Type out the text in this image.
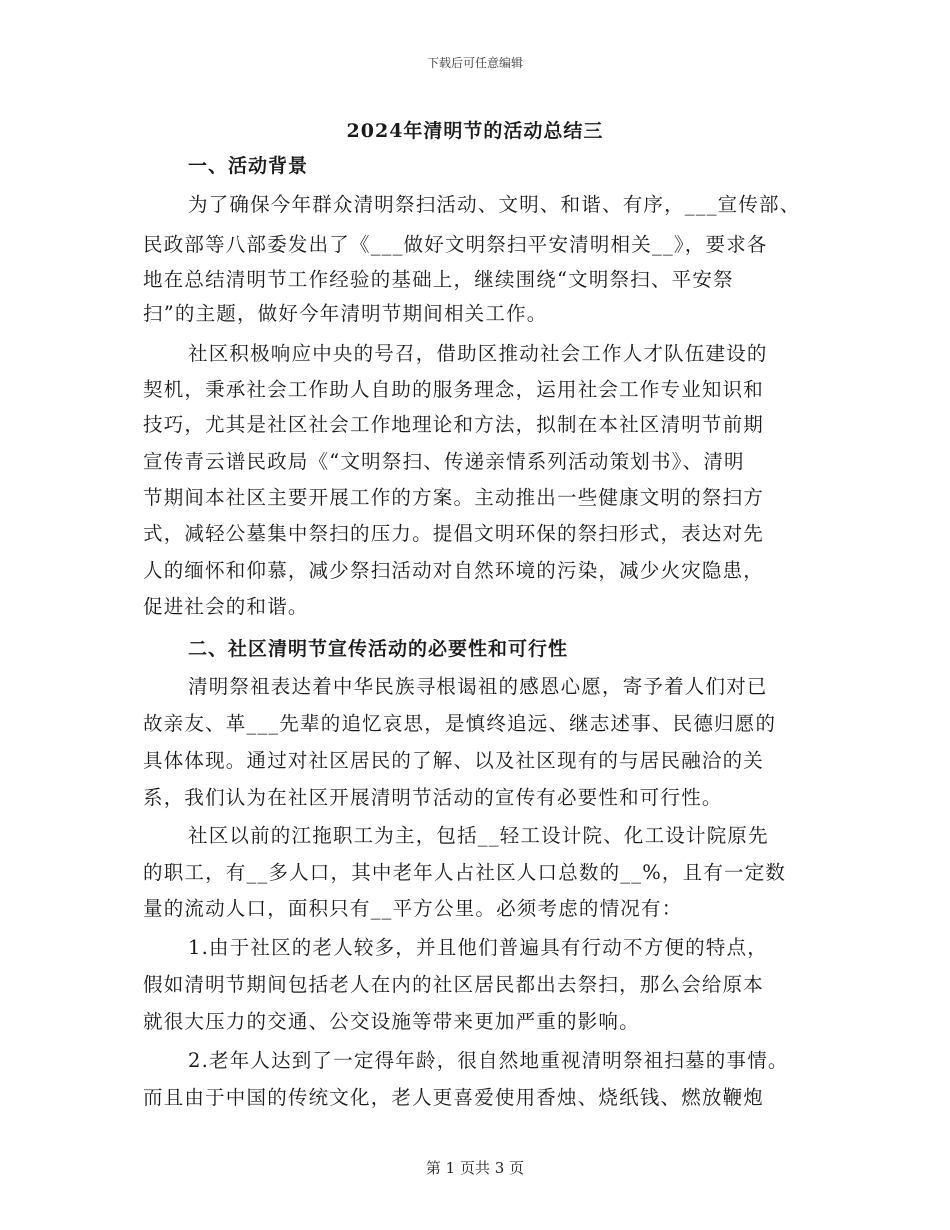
下载后可任意编辑
2024年清明节的活动总结三
一、活动背景
为了确保今年群众清明祭扫活动、文明、和谐、有序，___宣传部、
民政部等八部委发出了《___做好文明祭扫平安清明相关__》，要求各
地在总结清明节工作经验的基础上，继续围绕“文明祭扫、平安祭
扫”的主题，做好今年清明节期间相关工作。
社区积极响应中央的号召，借助区推动社会工作人才队伍建设的
契机，秉承社会工作助人自助的服务理念，运用社会工作专业知识和
技巧，尤其是社区社会工作地理论和方法，拟制在本社区清明节前期
宣传青云谱民政局《“文明祭扫、传递亲情系列活动策划书》、清明
节期间本社区主要开展工作的方案。主动推出一些健康文明的祭扫方
式，减轻公墓集中祭扫的压力。提倡文明环保的祭扫形式，表达对先
人的缅怀和仰慕，减少祭扫活动对自然环境的污染，减少火灾隐患，
促进社会的和谐。
二、社区清明节宣传活动的必要性和可行性
清明祭祖表达着中华民族寻根谒祖的感恩心愿，寄予着人们对已
故亲友、革___先辈的追忆哀思，是慎终追远、继志述事、民德归愿的
具体体现。通过对社区居民的了解、以及社区现有的与居民融洽的关
系，我们认为在社区开展清明节活动的宣传有必要性和可行性。
社区以前的江拖职工为主，包括__轻工设计院、化工设计院原先
的职工，有__多人口，其中老年人占社区人口总数的__%，且有一定数
量的流动人口，面积只有__平方公里。必须考虑的情况有：
1.由于社区的老人较多，并且他们普遍具有行动不方便的特点，
假如清明节期间包括老人在内的社区居民都出去祭扫，那么会给原本
就很大压力的交通、公交设施等带来更加严重的影响。
2.老年人达到了一定得年龄，很自然地重视清明祭祖扫墓的事情。
而且由于中国的传统文化，老人更喜爱使用香烛、烧纸钱、燃放鞭炮
第 1 页共 3 页
